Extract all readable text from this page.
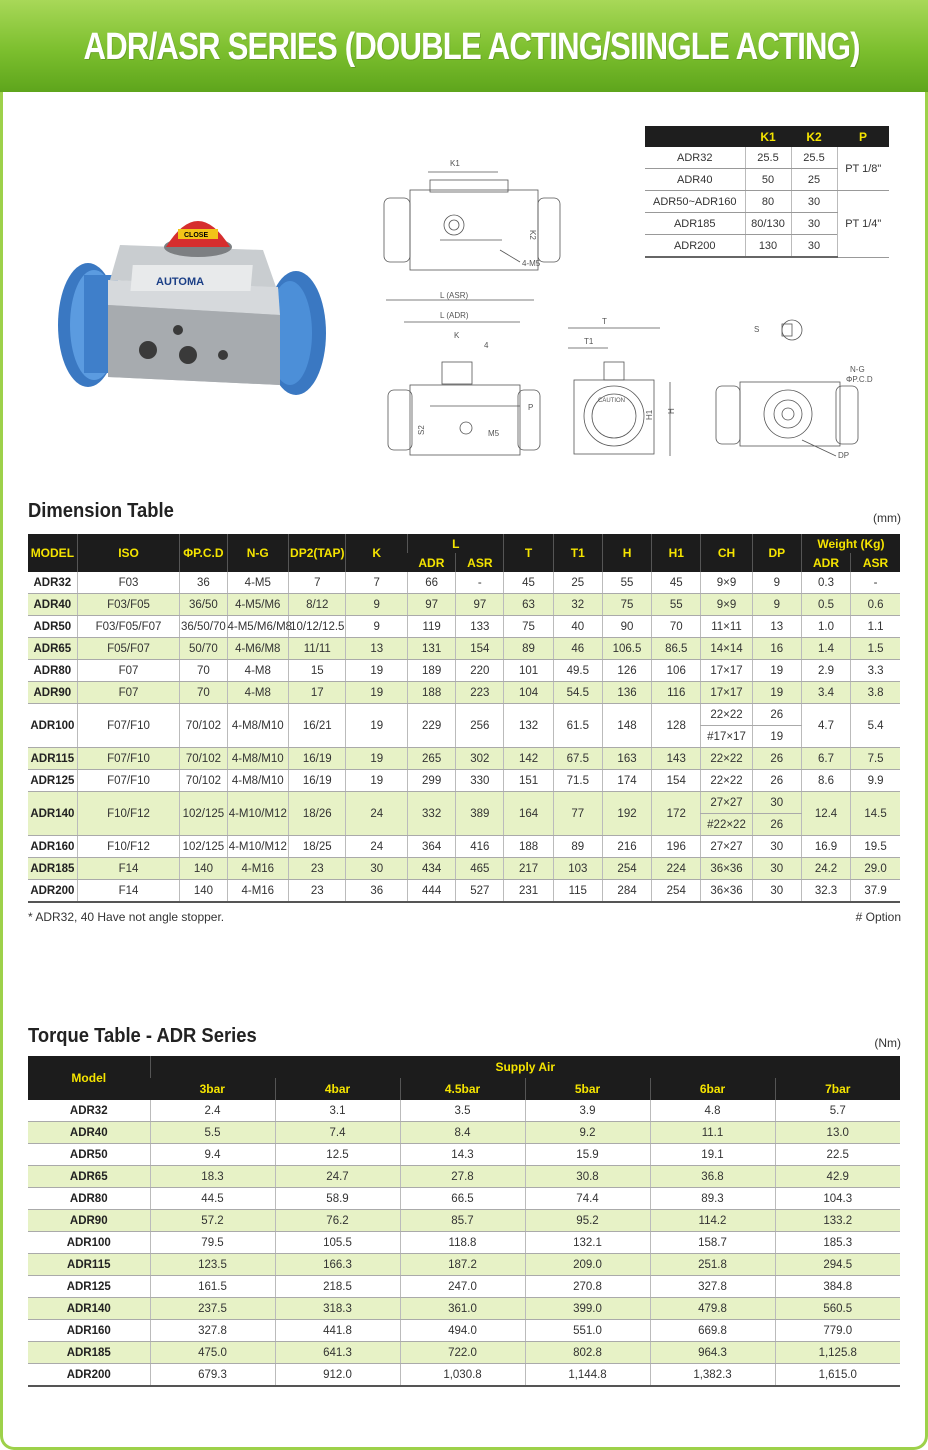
ADR/ASR SERIES (DOUBLE ACTING/SIINGLE ACTING)
AUTOMA
CLOSE
K1
K2
4-M5
L (ASR)
L (ADR)
K
4
P
S2	M5
T
T1
CAUTION
H1 H
S
N-G
ΦP.C.D
DP
	K1	K2	P
ADR32	25.5	25.5	PT 1/8"
ADR40	50	25	
ADR50~ADR160	80	30	PT 1/4"
ADR185	80/130	30	
ADR200	130	30	
Dimension Table	(mm)
MODEL	ISO	ΦP.C.D	N-G	DP2(TAP)	K	L		T	T1	H	H1	CH	DP	Weight (Kg)	
						ADR	ASR							ADR	ASR
ADR32	F03	36	4-M5	7	7	66	-	45	25	55	45	9×9	9	0.3	-
ADR40	F03/F05	36/50	4-M5/M6	8/12	9	97	97	63	32	75	55	9×9	9	0.5	0.6
ADR50	F03/F05/F07	36/50/70	4-M5/M6/M8	10/12/12.5	9	119	133	75	40	90	70	11×11	13	1.0	1.1
ADR65	F05/F07	50/70	4-M6/M8	11/11	13	131	154	89	46	106.5	86.5	14×14	16	1.4	1.5
ADR80	F07	70	4-M8	15	19	189	220	101	49.5	126	106	17×17	19	2.9	3.3
ADR90	F07	70	4-M8	17	19	188	223	104	54.5	136	116	17×17	19	3.4	3.8
ADR100	F07/F10	70/102	4-M8/M10	16/21	19	229	256	132	61.5	148	128	22×22	26	4.7	5.4
												#17×17	19		
ADR115	F07/F10	70/102	4-M8/M10	16/19	19	265	302	142	67.5	163	143	22×22	26	6.7	7.5
ADR125	F07/F10	70/102	4-M8/M10	16/19	19	299	330	151	71.5	174	154	22×22	26	8.6	9.9
ADR140	F10/F12	102/125	4-M10/M12	18/26	24	332	389	164	77	192	172	27×27	30	12.4	14.5
												#22×22	26		
ADR160	F10/F12	102/125	4-M10/M12	18/25	24	364	416	188	89	216	196	27×27	30	16.9	19.5
ADR185	F14	140	4-M16	23	30	434	465	217	103	254	224	36×36	30	24.2	29.0
ADR200	F14	140	4-M16	23	36	444	527	231	115	284	254	36×36	30	32.3	37.9
* ADR32, 40 Have not angle stopper.	# Option
Torque Table - ADR Series	(Nm)
Model	Supply Air					
	3bar	4bar	4.5bar	5bar	6bar	7bar
ADR32	2.4	3.1	3.5	3.9	4.8	5.7
ADR40	5.5	7.4	8.4	9.2	11.1	13.0
ADR50	9.4	12.5	14.3	15.9	19.1	22.5
ADR65	18.3	24.7	27.8	30.8	36.8	42.9
ADR80	44.5	58.9	66.5	74.4	89.3	104.3
ADR90	57.2	76.2	85.7	95.2	114.2	133.2
ADR100	79.5	105.5	118.8	132.1	158.7	185.3
ADR115	123.5	166.3	187.2	209.0	251.8	294.5
ADR125	161.5	218.5	247.0	270.8	327.8	384.8
ADR140	237.5	318.3	361.0	399.0	479.8	560.5
ADR160	327.8	441.8	494.0	551.0	669.8	779.0
ADR185	475.0	641.3	722.0	802.8	964.3	1,125.8
ADR200	679.3	912.0	1,030.8	1,144.8	1,382.3	1,615.0
